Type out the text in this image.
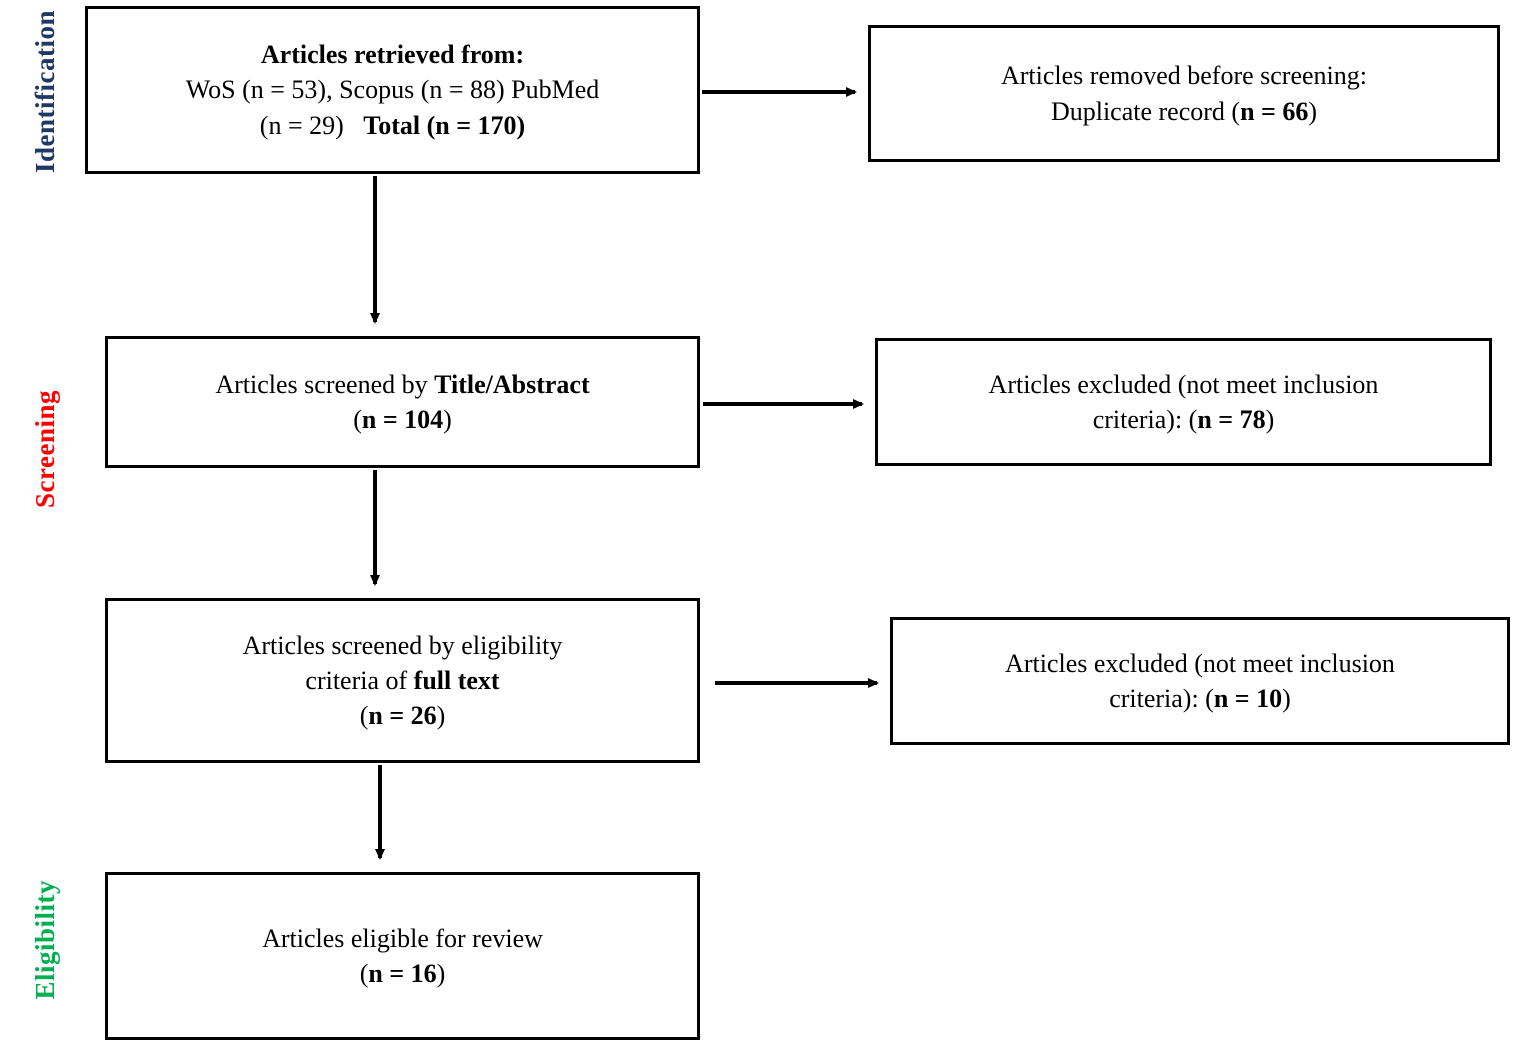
Identification
Screening
Eligibility
Articles retrieved from:
WoS (n = 53), Scopus (n = 88) PubMed
(n = 29) Total (n = 170)
Articles removed before screening:
Duplicate record (n = 66)
Articles screened by Title/Abstract
(n = 104)
Articles excluded (not meet inclusion
criteria): (n = 78)
Articles screened by eligibility
criteria of full text
(n = 26)
Articles excluded (not meet inclusion
criteria): (n = 10)
Articles eligible for review
(n = 16)
